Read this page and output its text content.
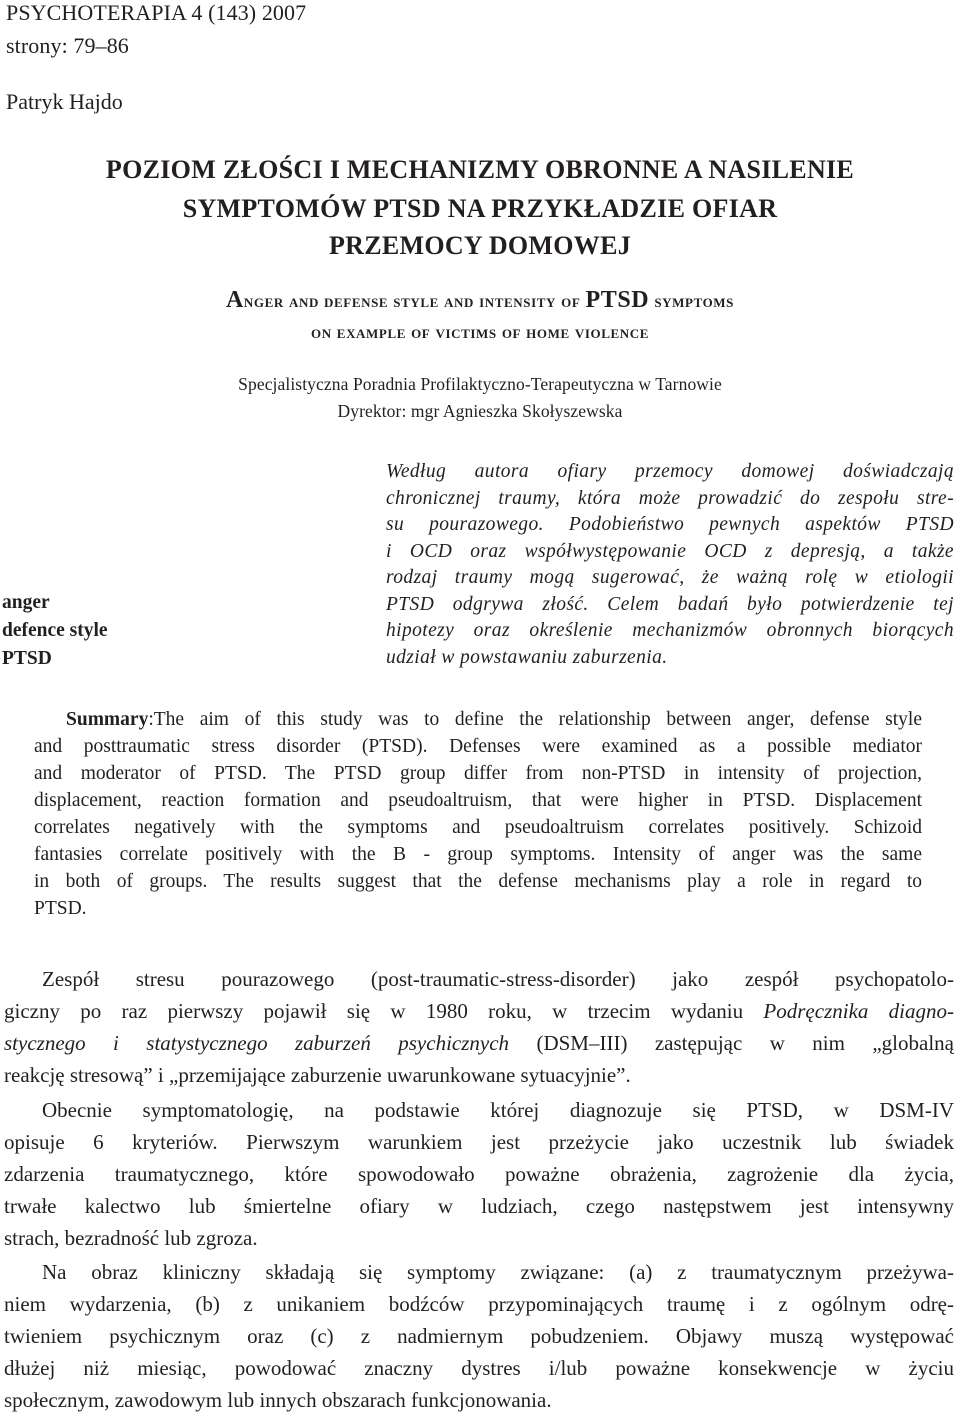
PSYCHOTERAPIA 4 (143) 2007
strony: 79–86
Patryk Hajdo
POZIOM ZŁOŚCI I MECHANIZMY OBRONNE A NASILENIE
SYMPTOMÓW PTSD NA PRZYKŁADZIE OFIAR
PRZEMOCY DOMOWEJ
Anger and defense style and intensity of PTSD symptoms
on example of victims of home violence
Specjalistyczna Poradnia Profilaktyczno-Terapeutyczna w Tarnowie
Dyrektor: mgr Agnieszka Skołyszewska
anger
defence style
PTSD
Według autora ofiary przemocy domowej doświadczają
chronicznej traumy, która może prowadzić do zespołu stre-
su pourazowego. Podobieństwo pewnych aspektów PTSD
i OCD oraz współwystępowanie OCD z depresją, a także
rodzaj traumy mogą sugerować, że ważną rolę w etiologii
PTSD odgrywa złość. Celem badań było potwierdzenie tej
hipotezy oraz określenie mechanizmów obronnych biorących
udział w powstawaniu zaburzenia.
Summary:The aim of this study was to define the relationship between anger, defense style
and posttraumatic stress disorder (PTSD). Defenses were examined as a possible mediator
and moderator of PTSD. The PTSD group differ from non-PTSD in intensity of projection,
displacement, reaction formation and pseudoaltruism, that were higher in PTSD. Displacement
correlates negatively with the symptoms and pseudoaltruism correlates positively. Schizoid
fantasies correlate positively with the B - group symptoms. Intensity of anger was the same
in both of groups. The results suggest that the defense mechanisms play a role in regard to
PTSD.
Zespół stresu pourazowego (post-traumatic-stress-disorder) jako zespół psychopatolo-
giczny po raz pierwszy pojawił się w 1980 roku, w trzecim wydaniu Podręcznika diagno-
stycznego i statystycznego zaburzeń psychicznych (DSM–III) zastępując w nim „globalną
reakcję stresową” i „przemijające zaburzenie uwarunkowane sytuacyjnie”.
Obecnie symptomatologię, na podstawie której diagnozuje się PTSD, w DSM-IV
opisuje 6 kryteriów. Pierwszym warunkiem jest przeżycie jako uczestnik lub świadek
zdarzenia traumatycznego, które spowodowało poważne obrażenia, zagrożenie dla życia,
trwałe kalectwo lub śmiertelne ofiary w ludziach, czego następstwem jest intensywny
strach, bezradność lub zgroza.
Na obraz kliniczny składają się symptomy związane: (a) z traumatycznym przeżywa-
niem wydarzenia, (b) z unikaniem bodźców przypominających traumę i z ogólnym odrę-
twieniem psychicznym oraz (c) z nadmiernym pobudzeniem. Objawy muszą występować
dłużej niż miesiąc, powodować znaczny dystres i/lub poważne konsekwencje w życiu
społecznym, zawodowym lub innych obszarach funkcjonowania.
